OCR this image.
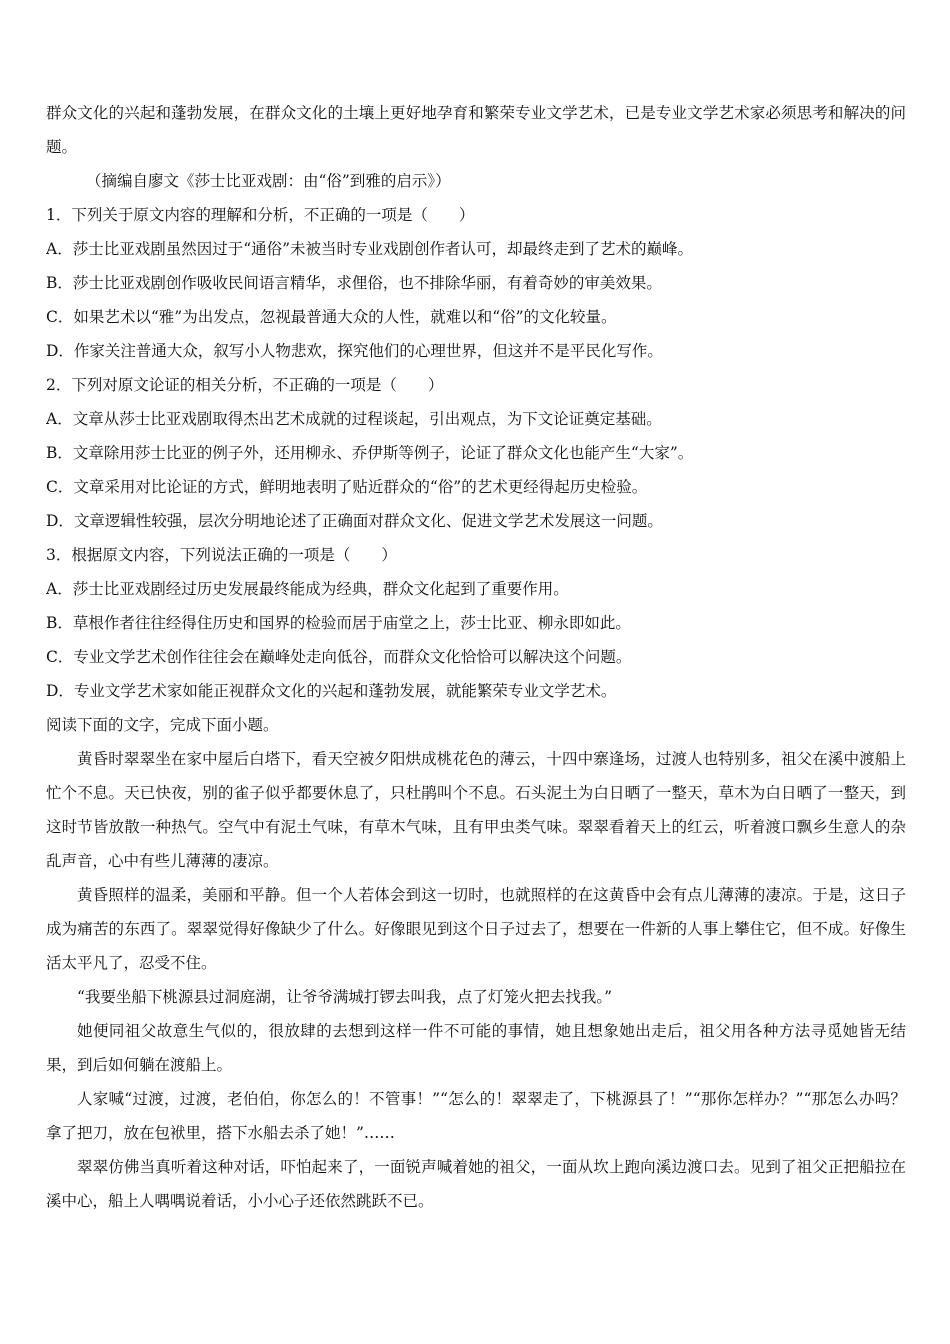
群众文化的兴起和蓬勃发展，在群众文化的土壤上更好地孕育和繁荣专业文学艺术，已是专业文学艺术家必须思考和解决的问题。
（摘编自廖文《莎士比亚戏剧：由“俗”到雅的启示》）
1．下列关于原文内容的理解和分析，不正确的一项是（　　）
A．莎士比亚戏剧虽然因过于“通俗”未被当时专业戏剧创作者认可，却最终走到了艺术的巅峰。
B．莎士比亚戏剧创作吸收民间语言精华，求俚俗，也不排除华丽，有着奇妙的审美效果。
C．如果艺术以“雅”为出发点，忽视最普通大众的人性，就难以和“俗”的文化较量。
D．作家关注普通大众，叙写小人物悲欢，探究他们的心理世界，但这并不是平民化写作。
2．下列对原文论证的相关分析，不正确的一项是（　　）
A．文章从莎士比亚戏剧取得杰出艺术成就的过程谈起，引出观点，为下文论证奠定基础。
B．文章除用莎士比亚的例子外，还用柳永、乔伊斯等例子，论证了群众文化也能产生“大家”。
C．文章采用对比论证的方式，鲜明地表明了贴近群众的“俗”的艺术更经得起历史检验。
D．文章逻辑性较强，层次分明地论述了正确面对群众文化、促进文学艺术发展这一问题。
3．根据原文内容，下列说法正确的一项是（　　）
A．莎士比亚戏剧经过历史发展最终能成为经典，群众文化起到了重要作用。
B．草根作者往往经得住历史和国界的检验而居于庙堂之上，莎士比亚、柳永即如此。
C．专业文学艺术创作往往会在巅峰处走向低谷，而群众文化恰恰可以解决这个问题。
D．专业文学艺术家如能正视群众文化的兴起和蓬勃发展，就能繁荣专业文学艺术。
阅读下面的文字，完成下面小题。
黄昏时翠翠坐在家中屋后白塔下，看天空被夕阳烘成桃花色的薄云，十四中寨逢场，过渡人也特别多，祖父在溪中渡船上忙个不息。天已快夜，别的雀子似乎都要休息了，只杜鹃叫个不息。石头泥土为白日晒了一整天，草木为白日晒了一整天，到这时节皆放散一种热气。空气中有泥土气味，有草木气味，且有甲虫类气味。翠翠看着天上的红云，听着渡口飘乡生意人的杂乱声音，心中有些儿薄薄的凄凉。
黄昏照样的温柔，美丽和平静。但一个人若体会到这一切时，也就照样的在这黄昏中会有点儿薄薄的凄凉。于是，这日子成为痛苦的东西了。翠翠觉得好像缺少了什么。好像眼见到这个日子过去了，想要在一件新的人事上攀住它，但不成。好像生活太平凡了，忍受不住。
“我要坐船下桃源县过洞庭湖，让爷爷满城打锣去叫我，点了灯笼火把去找我。”
她便同祖父故意生气似的，很放肆的去想到这样一件不可能的事情，她且想象她出走后，祖父用各种方法寻觅她皆无结果，到后如何躺在渡船上。
人家喊“过渡，过渡，老伯伯，你怎么的！不管事！”“怎么的！翠翠走了，下桃源县了！”“那你怎样办？”“那怎么办吗？拿了把刀，放在包袱里，搭下水船去杀了她！”……
翠翠仿佛当真听着这种对话，吓怕起来了，一面锐声喊着她的祖父，一面从坎上跑向溪边渡口去。见到了祖父正把船拉在溪中心，船上人喁喁说着话，小小心子还依然跳跃不已。
